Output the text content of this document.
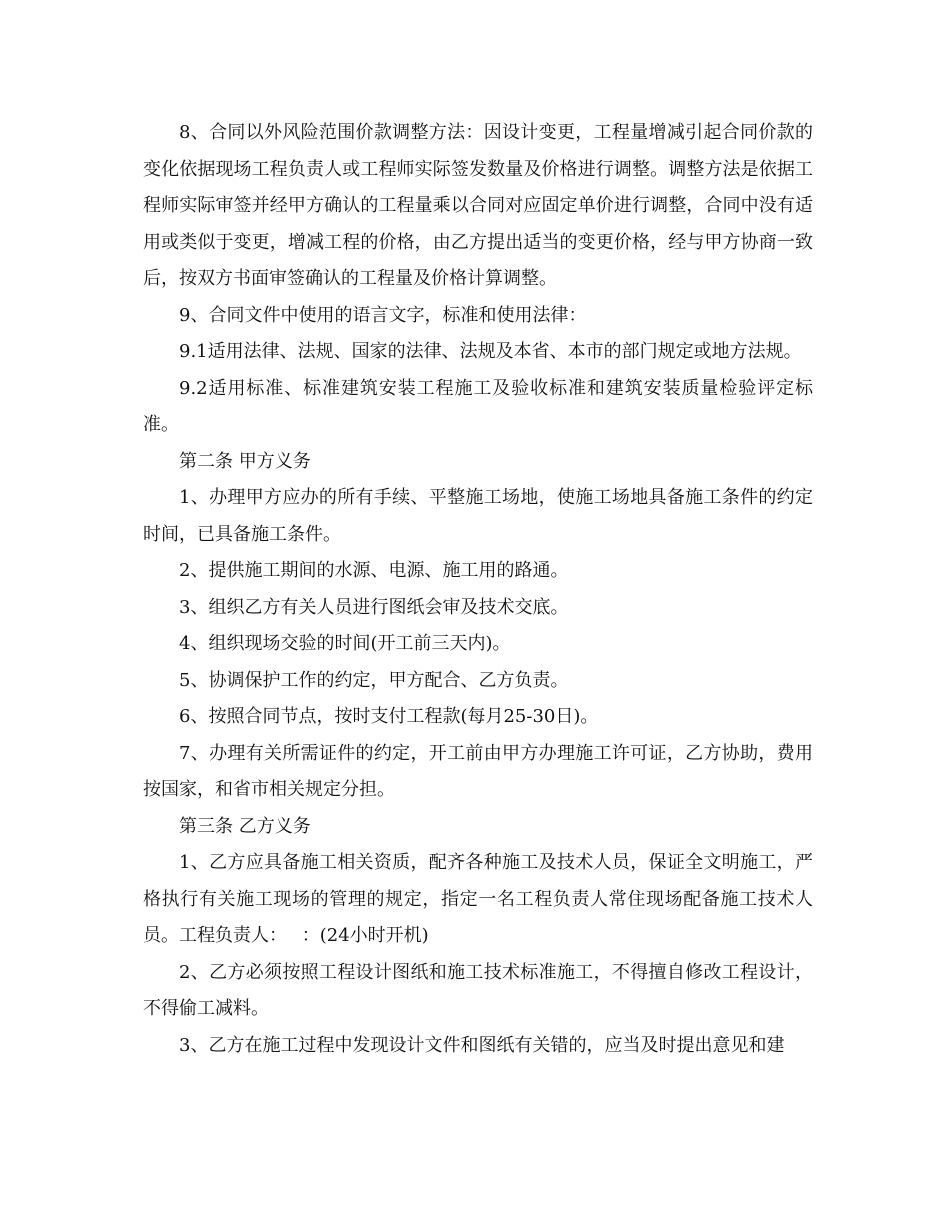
8、合同以外风险范围价款调整方法：因设计变更，工程量增减引起合同价款的变化依据现场工程负责人或工程师实际签发数量及价格进行调整。调整方法是依据工程师实际审签并经甲方确认的工程量乘以合同对应固定单价进行调整，合同中没有适用或类似于变更，增减工程的价格，由乙方提出适当的变更价格，经与甲方协商一致后，按双方书面审签确认的工程量及价格计算调整。

9、合同文件中使用的语言文字，标准和使用法律：

9.1适用法律、法规、国家的法律、法规及本省、本市的部门规定或地方法规。

9.2适用标准、标准建筑安装工程施工及验收标准和建筑安装质量检验评定标准。

第二条 甲方义务

1、办理甲方应办的所有手续、平整施工场地，使施工场地具备施工条件的约定时间，已具备施工条件。

2、提供施工期间的水源、电源、施工用的路通。

3、组织乙方有关人员进行图纸会审及技术交底。

4、组织现场交验的时间(开工前三天内)。

5、协调保护工作的约定，甲方配合、乙方负责。

6、按照合同节点，按时支付工程款(每月25-30日)。

7、办理有关所需证件的约定，开工前由甲方办理施工许可证，乙方协助，费用按国家，和省市相关规定分担。

第三条 乙方义务

1、乙方应具备施工相关资质，配齐各种施工及技术人员，保证全文明施工，严格执行有关施工现场的管理的规定，指定一名工程负责人常住现场配备施工技术人员。工程负责人：　 ：(24小时开机)

2、乙方必须按照工程设计图纸和施工技术标准施工，不得擅自修改工程设计，不得偷工减料。

3、乙方在施工过程中发现设计文件和图纸有关错的，应当及时提出意见和建
